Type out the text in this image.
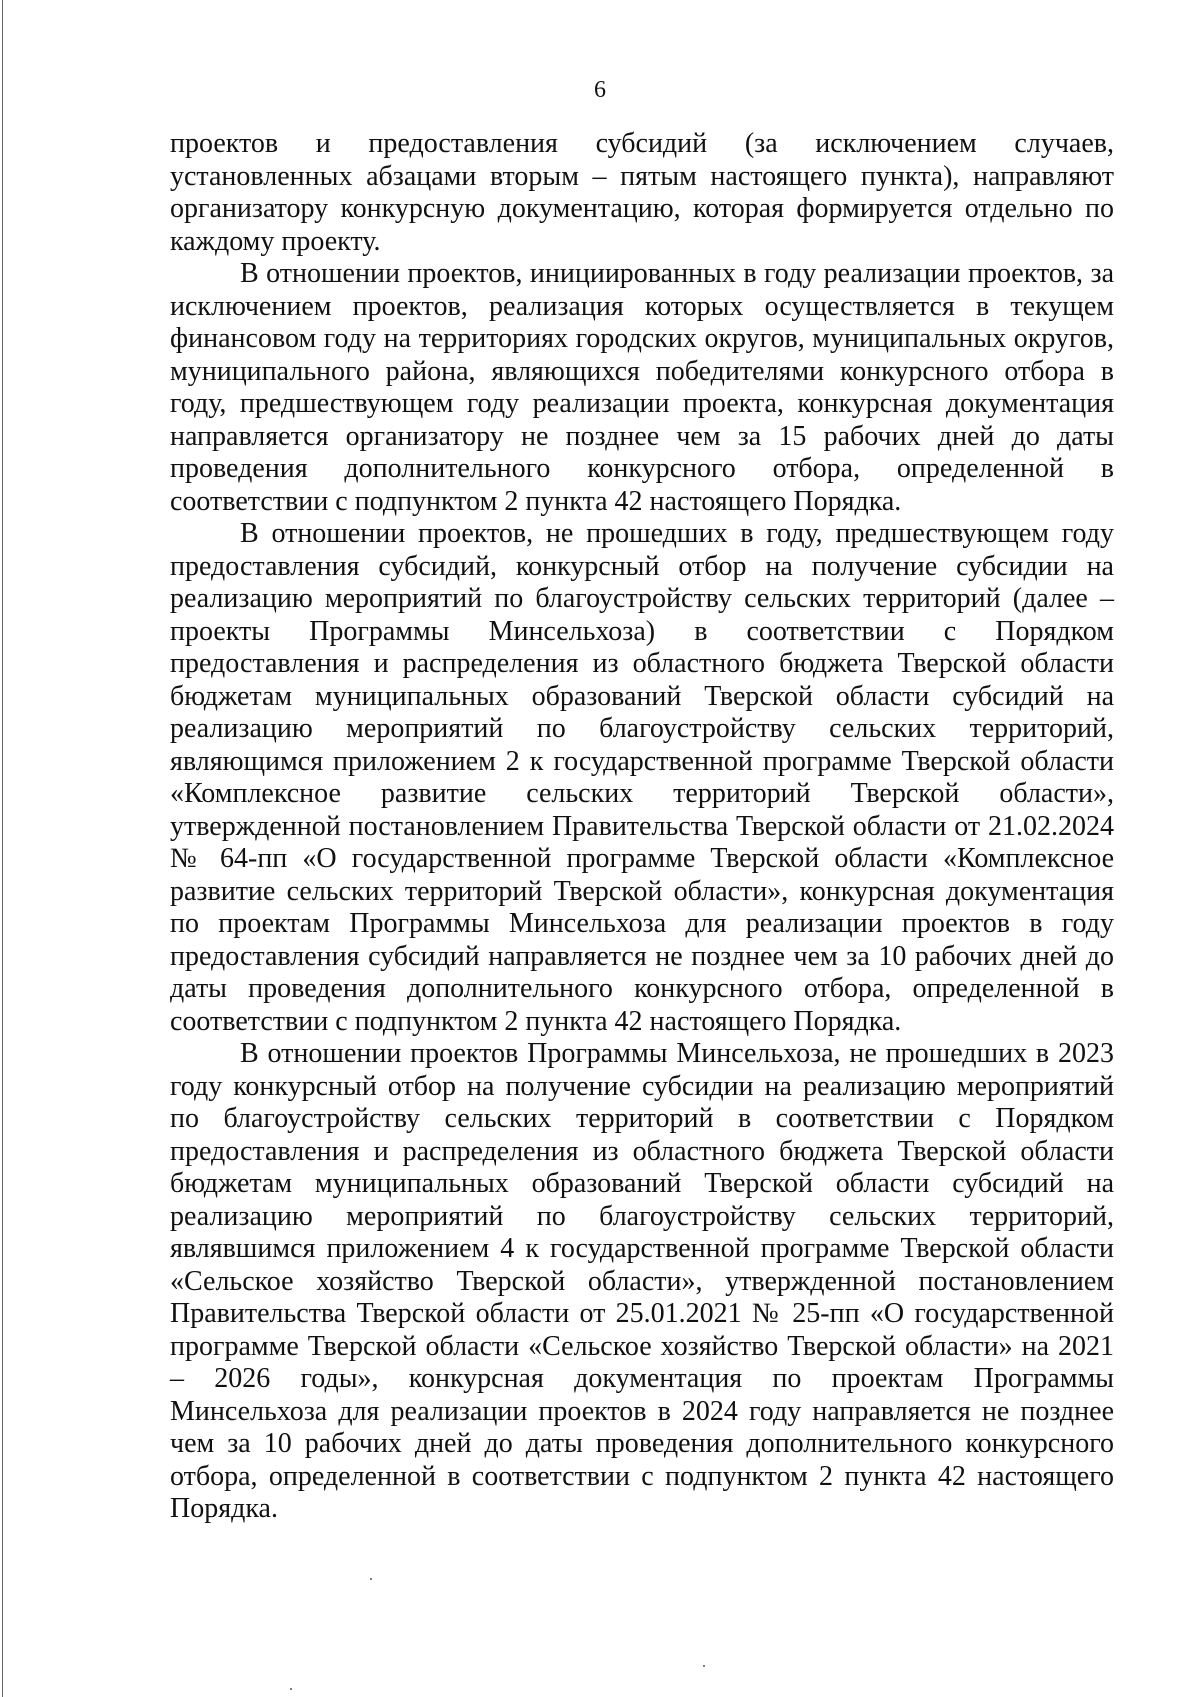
6

проектов и предоставления субсидий (за исключением случаев, установленных абзацами вторым – пятым настоящего пункта), направляют организатору конкурсную документацию, которая формируется отдельно по каждому проекту.

В отношении проектов, инициированных в году реализации проектов, за исключением проектов, реализация которых осуществляется в текущем финансовом году на территориях городских округов, муниципальных округов, муниципального района, являющихся победителями конкурсного отбора в году, предшествующем году реализации проекта, конкурсная документация направляется организатору не позднее чем за 15 рабочих дней до даты проведения дополнительного конкурсного отбора, определенной в соответствии с подпунктом 2 пункта 42 настоящего Порядка.

В отношении проектов, не прошедших в году, предшествующем году предоставления субсидий, конкурсный отбор на получение субсидии на реализацию мероприятий по благоустройству сельских территорий (далее – проекты Программы Минсельхоза) в соответствии с Порядком предоставления и распределения из областного бюджета Тверской области бюджетам муниципальных образований Тверской области субсидий на реализацию мероприятий по благоустройству сельских территорий, являющимся приложением 2 к государственной программе Тверской области «Комплексное развитие сельских территорий Тверской области», утвержденной постановлением Правительства Тверской области от 21.02.2024 № 64-пп «О государственной программе Тверской области «Комплексное развитие сельских территорий Тверской области», конкурсная документация по проектам Программы Минсельхоза для реализации проектов в году предоставления субсидий направляется не позднее чем за 10 рабочих дней до даты проведения дополнительного конкурсного отбора, определенной в соответствии с подпунктом 2 пункта 42 настоящего Порядка.

В отношении проектов Программы Минсельхоза, не прошедших в 2023 году конкурсный отбор на получение субсидии на реализацию мероприятий по благоустройству сельских территорий в соответствии с Порядком предоставления и распределения из областного бюджета Тверской области бюджетам муниципальных образований Тверской области субсидий на реализацию мероприятий по благоустройству сельских территорий, являвшимся приложением 4 к государственной программе Тверской области «Сельское хозяйство Тверской области», утвержденной постановлением Правительства Тверской области от 25.01.2021 № 25-пп «О государственной программе Тверской области «Сельское хозяйство Тверской области» на 2021 – 2026 годы», конкурсная документация по проектам Программы Минсельхоза для реализации проектов в 2024 году направляется не позднее чем за 10 рабочих дней до даты проведения дополнительного конкурсного отбора, определенной в соответствии с подпунктом 2 пункта 42 настоящего Порядка.
